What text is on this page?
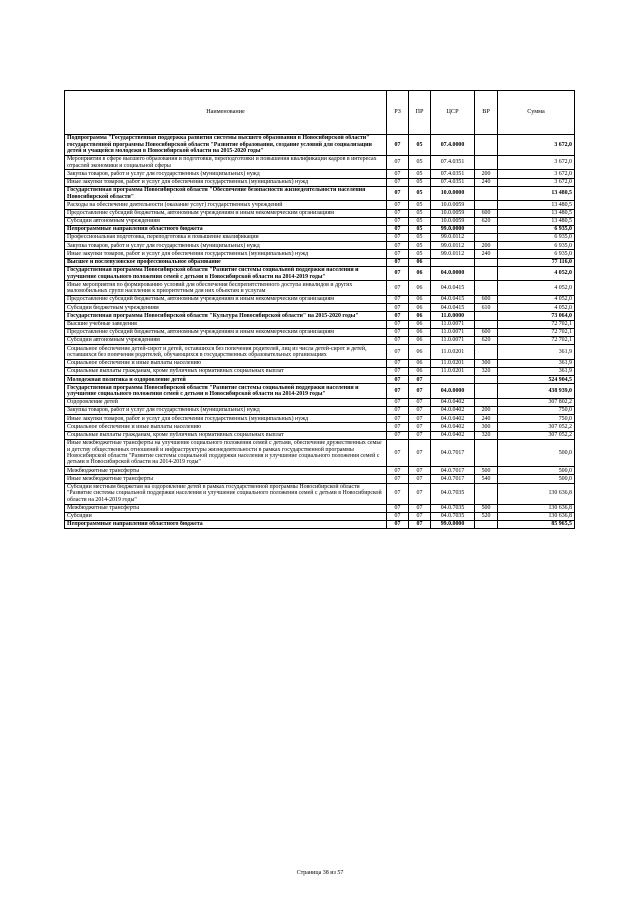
Наименование	РЗ	ПР	ЦСР	ВР	Сумма
Подпрограмма "Государственная поддержка развития системы высшего образования в Новосибирской области" государственной программы Новосибирской области "Развитие образования, создание условий для социализации детей и учащейся молодежи в Новосибирской области на 2015-2020 годы"	07	05	07.4.0000		3 672,0
Мероприятия в сфере высшего образования и подготовки, переподготовки и повышения квалификации кадров в интересах отраслей экономики и социальной сферы	07	05	07.4.0351		3 672,0
Закупка товаров, работ и услуг для государственных (муниципальных) нужд	07	05	07.4.0351	200	3 672,0
Иные закупки товаров, работ и услуг для обеспечения государственных (муниципальных) нужд	07	05	07.4.0351	240	3 672,0
Государственная программа Новосибирской области "Обеспечение безопасности жизнедеятельности населения Новосибирской области"	07	05	10.0.0000		13 480,5
Расходы на обеспечение деятельности (оказание услуг) государственных учреждений	07	05	10.0.0059		13 480,5
Предоставление субсидий бюджетным, автономным учреждениям и иным некоммерческим организациям	07	05	10.0.0059	600	13 480,5
Субсидии автономным учреждениям	07	05	10.0.0059	620	13 480,5
Непрограммные направления областного бюджета	07	05	99.0.0000		6 935,0
Профессиональная подготовка, переподготовка и повышение квалификации	07	05	99.0.0112		6 935,0
Закупка товаров, работ и услуг для государственных (муниципальных) нужд	07	05	99.0.0112	200	6 935,0
Иные закупки товаров, работ и услуг для обеспечения государственных (муниципальных) нужд	07	05	99.0.0112	240	6 935,0
Высшее и послевузовское профессиональное образование	07	06			77 116,0
Государственная программа Новосибирской области "Развитие системы социальной поддержки населения и улучшение социального положения семей с детьми в Новосибирской области на 2014-2019 годы"	07	06	04.0.0000		4 052,0
Иные мероприятия по формированию условий для обеспечения беспрепятственного доступа инвалидов и других маломобильных групп населения к приоритетным для них объектам и услугам	07	06	04.0.0415		4 052,0
Предоставление субсидий бюджетным, автономным учреждениям и иным некоммерческим организациям	07	06	04.0.0415	600	4 052,0
Субсидии бюджетным учреждениям	07	06	04.0.0415	610	4 052,0
Государственная программа Новосибирской области "Культура Новосибирской области" на 2015-2020 годы"	07	06	11.0.0000		73 064,0
Высшие учебные заведения	07	06	11.0.0071		72 702,1
Предоставление субсидий бюджетным, автономным учреждениям и иным некоммерческим организациям	07	06	11.0.0071	600	72 702,1
Субсидии автономным учреждениям	07	06	11.0.0071	620	72 702,1
Социальное обеспечение детей-сирот и детей, оставшихся без попечения родителей, лиц из числа детей-сирот и детей, оставшихся без попечения родителей, обучающихся в государственных образовательных организациях	07	06	11.0.0201		361,9
Социальное обеспечение и иные выплаты населению	07	06	11.0.0201	300	361,9
Социальные выплаты гражданам, кроме публичных нормативных социальных выплат	07	06	11.0.0201	320	361,9
Молодежная политика и оздоровление детей	07	07			524 904,5
Государственная программа Новосибирской области "Развитие системы социальной поддержки населения и улучшение социального положения семей с детьми в Новосибирской области на 2014-2019 годы"	07	07	04.0.0000		438 939,0
Оздоровление детей	07	07	04.0.0402		307 802,2
Закупка товаров, работ и услуг для государственных (муниципальных) нужд	07	07	04.0.0402	200	750,0
Иные закупки товаров, работ и услуг для обеспечения государственных (муниципальных) нужд	07	07	04.0.0402	240	750,0
Социальное обеспечение и иные выплаты населению	07	07	04.0.0402	300	307 052,2
Социальные выплаты гражданам, кроме публичных нормативных социальных выплат	07	07	04.0.0402	320	307 052,2
Иные межбюджетные трансферты на улучшение социального положения семей с детьми, обеспечение дружественных семье и детству общественных отношений и инфраструктуры жизнедеятельности в рамках государственной программы Новосибирской области "Развитие системы социальной поддержки населения и улучшение социального положения семей с детьми в Новосибирской области на 2014-2019 годы"	07	07	04.0.7017		500,0
Межбюджетные трансферты	07	07	04.0.7017	500	500,0
Иные межбюджетные трансферты	07	07	04.0.7017	540	500,0
Субсидии местным бюджетам на оздоровление детей в рамках государственной программы Новосибирской области "Развитие системы социальной поддержки населения и улучшение социального положения семей с детьми в Новосибирской области на 2014-2019 годы"	07	07	04.0.7035		130 636,8
Межбюджетные трансферты	07	07	04.0.7035	500	130 636,8
Субсидии	07	07	04.0.7035	520	130 636,8
Непрограммные направления областного бюджета	07	07	99.0.0000		85 965,5
Страница 38 из 57
